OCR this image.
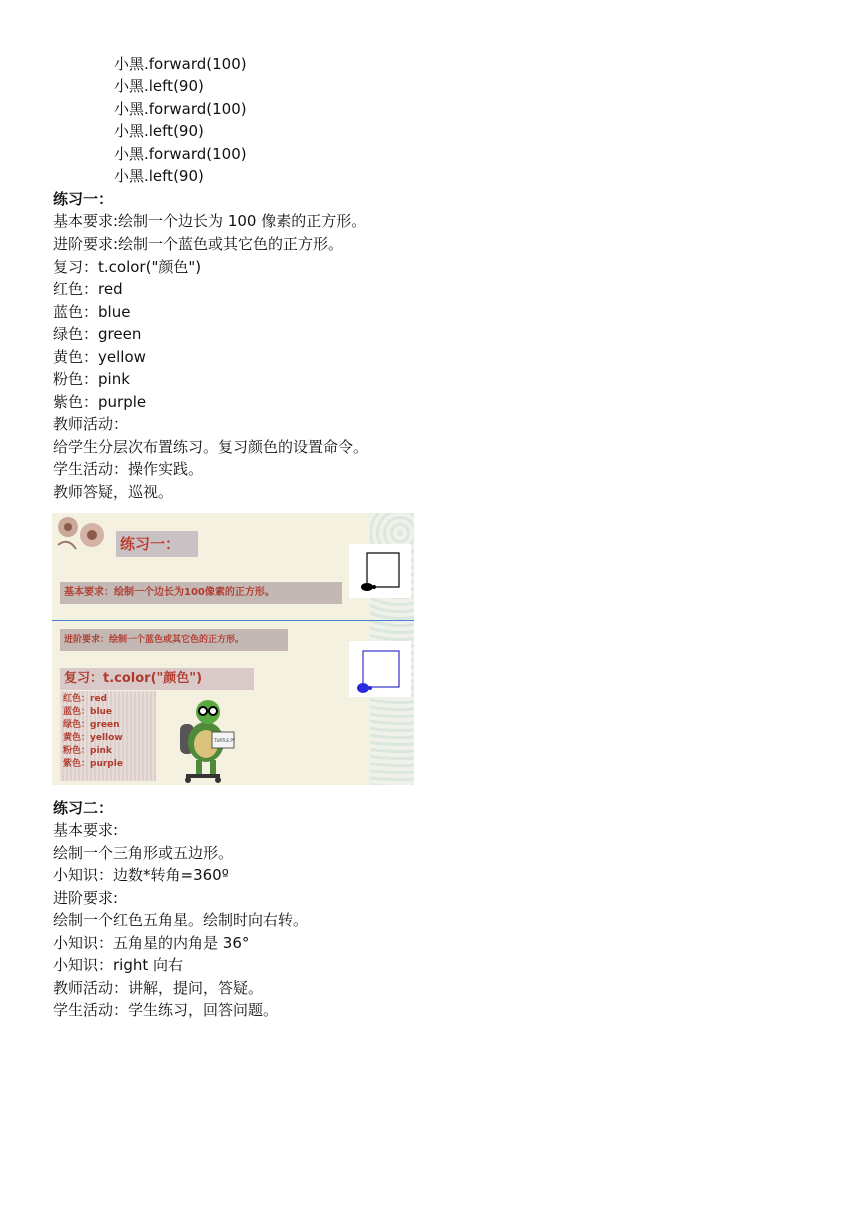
小黑.forward(100)
小黑.left(90)
小黑.forward(100)
小黑.left(90)
小黑.forward(100)
小黑.left(90)
练习一：
基本要求:绘制一个边长为 100 像素的正方形。
进阶要求:绘制一个蓝色或其它色的正方形。
复习：t.color("颜色")
红色：red
蓝色：blue
绿色：green
黄色：yellow
粉色：pink
紫色：purple
教师活动：
给学生分层次布置练习。复习颜色的设置命令。
学生活动：操作实践。
教师答疑，巡视。
练习一：
基本要求：绘制一个边长为100像素的正方形。
进阶要求：绘制一个蓝色或其它色的正方形。
复习：t.color("颜色")
红色：red
蓝色：blue
绿色：green
黄色：yellow
粉色：pink
紫色：purple
TURTLE.PY
练习二：
基本要求:
绘制一个三角形或五边形。
小知识：边数*转角=360º
进阶要求:
绘制一个红色五角星。绘制时向右转。
小知识：五角星的内角是 36°
小知识：right 向右
教师活动：讲解，提问，答疑。
学生活动：学生练习，回答问题。
